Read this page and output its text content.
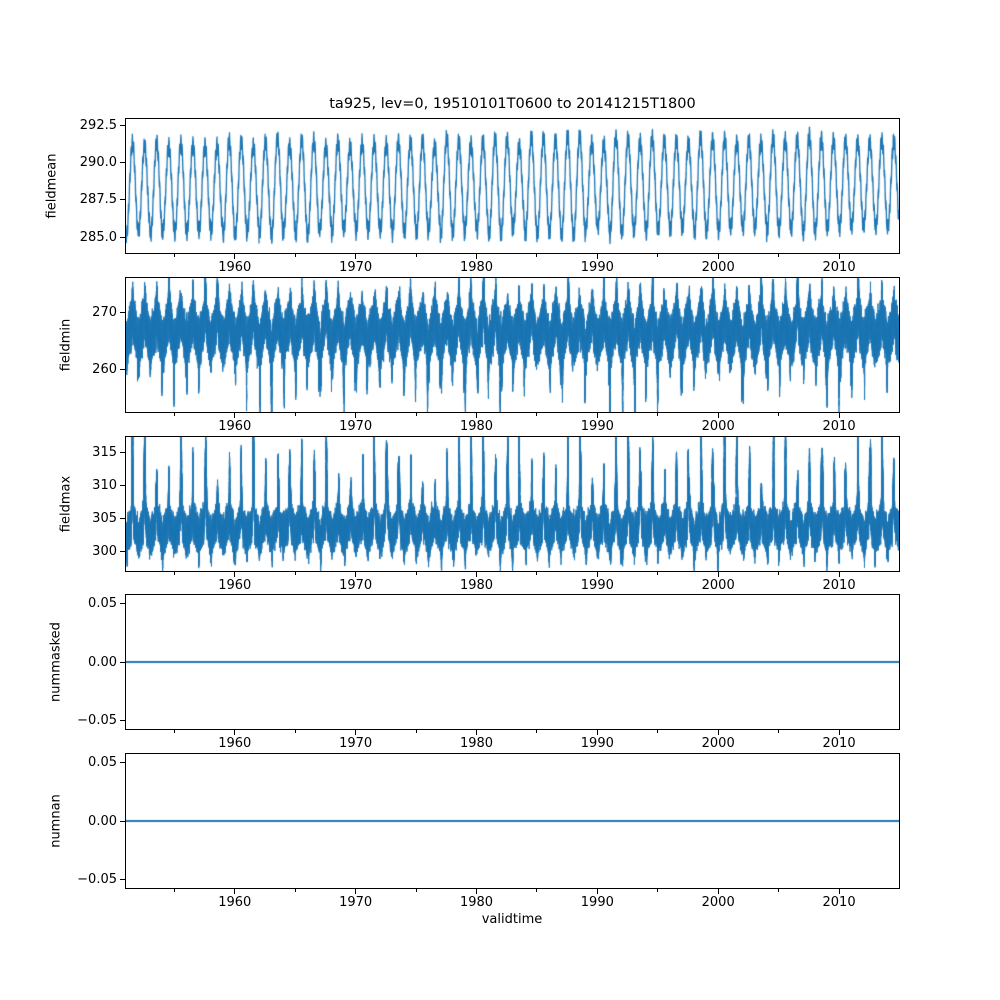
ta925, lev=0, 19510101T0600 to 20141215T1800
285.0
287.5
290.0
292.5
1960	1970	1980	1990	2000	2010
fieldmean
260
270
1960	1970	1980	1990	2000	2010
fieldmin
300
305
310
315
1960	1970	1980	1990	2000	2010
fieldmax
−0.05
0.00
0.05
1960	1970	1980	1990	2000	2010
nummasked
−0.05
0.00
0.05
1960	1970	1980	1990	2000	2010
numnan
validtime
